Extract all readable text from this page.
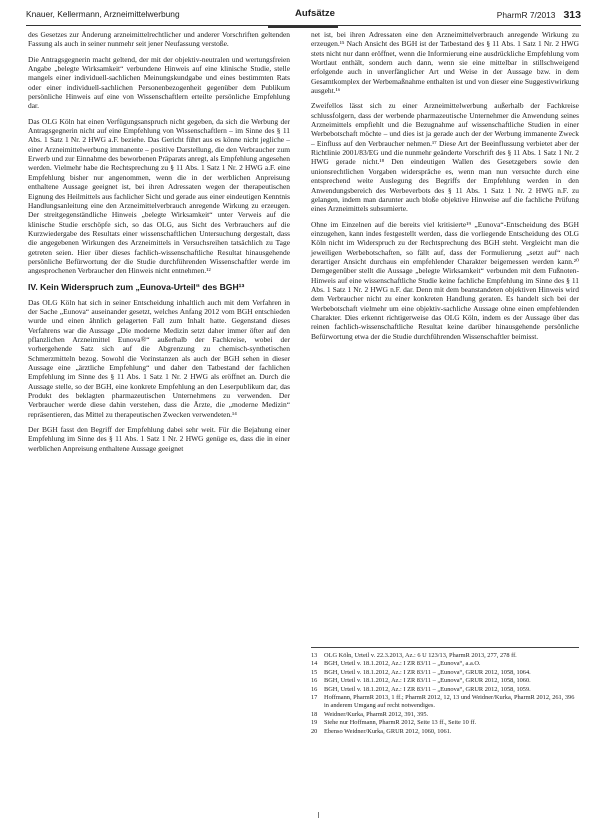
Knauer, Kellermann, Arzneimittelwerbung	Aufsätze	PharmR 7/2013 313

des Gesetzes zur Änderung arzneimittelrechtlicher und anderer Vorschriften geltenden Fassung als auch in seiner nunmehr seit jener Neufassung verstoße.

Die Antragsgegnerin macht geltend, der mit der objektiv-neutralen und wertungsfreien Angabe „belegte Wirksamkeit“ verbundene Hinweis auf eine klinische Studie, stelle mangels einer individuell-sachlichen Meinungskundgabe und eines bestimmten Rats oder einer individuell-sachlichen Personenbezogenheit gegenüber dem Publikum persönliche Hinweis auf eine von Wissenschaftlern erteilte persönliche Empfehlung dar.

Das OLG Köln hat einen Verfügungsanspruch nicht gegeben, da sich die Werbung der Antragsgegnerin nicht auf eine Empfehlung von Wissenschaftlern – im Sinne des § 11 Abs. 1 Satz 1 Nr. 2 HWG a.F. beziehe. Das Gericht führt aus es könne nicht jegliche – einer Arzneimittelwerbung immanente – positive Darstellung, die den Verbraucher zum Erwerb und zur Einnahme des beworbenen Präparats anregt, als Empfehlung angesehen werden. Vielmehr habe die Rechtsprechung zu § 11 Abs. 1 Satz 1 Nr. 2 HWG a.F. eine Empfehlung bisher nur angenommen, wenn die in der werblichen Anpreisung enthaltene Aussage geeignet ist, bei ihren Adressaten wegen der therapeutischen Eignung des Heilmittels aus fachlicher Sicht und gerade aus einer eindeutigen Kenntnis Handlungsanleitung eine den Arzneimittelverbrauch anregende Wirkung zu erzeugen. Der streitgegenständliche Hinweis „belegte Wirksamkeit“ unter Verweis auf die klinische Studie erschöpfe sich, so das OLG, aus Sicht des Verbrauchers auf die Kurzwiedergabe des Resultats einer wissenschaftlichen Untersuchung dergestalt, dass die angegebenen Wirkungen des Arzneimittels in Versuchsreihen tatsächlich zu Tage getreten seien. Hier über dieses fachlich-wissenschaftliche Resultat hinausgehende persönliche Befürwortung der die Studie durchführenden Wissenschaftler werde im angesprochenen Verbraucher den Hinweis nicht entnehmen.¹²

IV. Kein Widerspruch zum „Eunova-Urteil“ des BGH¹³

Das OLG Köln hat sich in seiner Entscheidung inhaltlich auch mit dem Verfahren in der Sache „Eunova“ auseinander gesetzt, welches Anfang 2012 vom BGH entschieden wurde und einen ähnlich gelagerten Fall zum Inhalt hatte. Gegenstand dieses Verfahrens war die Aussage „Die moderne Medizin setzt daher immer öfter auf den pflanzlichen Arzneimittel Eunova®“ außerhalb der Fachkreise, wobei der vorhergehende Satz sich auf die Abgrenzung zu chemisch-synthetischen Schmerzmitteln bezog. Sowohl die Vorinstanzen als auch der BGH sehen in dieser Aussage eine „ärztliche Empfehlung“ und daher den Tatbestand der fachlichen Empfehlung im Sinne des § 11 Abs. 1 Satz 1 Nr. 2 HWG als eröffnet an. Durch die Aussage stelle, so der BGH, eine konkrete Empfehlung an den Leserpublikum dar, das Produkt des beklagten pharmazeutischen Unternehmens zu verwenden. Der Verbraucher werde diese dahin verstehen, dass die Ärzte, die „moderne Medizin“ repräsentieren, das Mittel zu therapeutischen Zwecken verwendeten.¹⁴

Der BGH fasst den Begriff der Empfehlung dabei sehr weit. Für die Bejahung einer Empfehlung im Sinne des § 11 Abs. 1 Satz 1 Nr. 2 HWG genüge es, dass die in einer werblichen Anpreisung enthaltene Aussage geeignet

net ist, bei ihren Adressaten eine den Arzneimittelverbrauch anregende Wirkung zu erzeugen.¹⁵ Nach Ansicht des BGH ist der Tatbestand des § 11 Abs. 1 Satz 1 Nr. 2 HWG stets nicht nur dann eröffnet, wenn die Informierung eine ausdrückliche Empfehlung vom Wortlaut enthält, sondern auch dann, wenn sie eine mittelbar in stillschweigend erfolgende auch in unverfänglicher Art und Weise in der Aussage bzw. in dem Gesamtkomplex der Werbemaßnahme enthalten ist und von dieser eine Suggestivwirkung ausgeht.¹⁶

Zweifellos lässt sich zu einer Arzneimittelwerbung außerhalb der Fachkreise schlussfolgern, dass der werbende pharmazeutische Unternehmer die Anwendung seines Arzneimittels empfiehlt und die Bezugnahme auf wissenschaftliche Studien in einer Werbebotschaft möchte – und dies ist ja gerade auch der der Werbung immanente Zweck – Einfluss auf den Verbraucher nehmen.¹⁷ Diese Art der Beeinflussung verbietet aber der Richtlinie 2001/83/EG und die nunmehr geänderte Vorschrift des § 11 Abs. 1 Satz 1 Nr. 2 HWG gerade nicht.¹⁸ Den eindeutigen Wallen des Gesetzgebers sowie den unionsrechtlichen Vorgaben widerspräche es, wenn man nun versuchte durch eine entsprechend weite Auslegung des Begriffs der Empfehlung werden in den Anwendungsbereich des Werbeverbots des § 11 Abs. 1 Satz 1 Nr. 2 HWG n.F. zu gelangen, indem man darunter auch bloße objektive Hinweise auf die fachliche Prüfung eines Arzneimittels subsumierte.

Ohne im Einzelnen auf die bereits viel kritisierte¹⁹ „Eunova“-Entscheidung des BGH einzugehen, kann indes festgestellt werden, dass die vorliegende Entscheidung des OLG Köln nicht im Widerspruch zu der Rechtsprechung des BGH steht. Vergleicht man die jeweiligen Werbebotschaften, so fällt auf, dass der Formulierung „setzt auf“ nach derartiger Ansicht durchaus ein empfehlender Charakter beigemessen werden kann.²⁰ Demgegenüber stellt die Aussage „belegte Wirksamkeit“ verbunden mit dem Fußnoten-Hinweis auf eine wissenschaftliche Studie keine fachliche Empfehlung im Sinne des § 11 Abs. 1 Satz 1 Nr. 2 HWG n.F. dar. Denn mit dem beanstandeten objektiven Hinweis wird dem Verbraucher nicht zu einer konkreten Handlung geraten. Es handelt sich bei der Werbebotschaft vielmehr um eine objektiv-sachliche Aussage ohne einen empfehlenden Charakter. Dies erkennt richtigerweise das OLG Köln, indem es der Aussage über das reinen fachlich-wissenschaftliche Resultat keine darüber hinausgehende persönliche Befürwortung etwa der die Studie durchführenden Wissenschaftler beimisst.

13	OLG Köln, Urteil v. 22.3.2013, Az.: 6 U 123/13, PharmR 2013, 277, 278 ff.
14	BGH, Urteil v. 18.1.2012, Az.: I ZR 83/11 – „Eunova“, a.a.O.
15	BGH, Urteil v. 18.1.2012, Az.: I ZR 83/11 – „Eunova“, GRUR 2012, 1058, 1064.
16	BGH, Urteil v. 18.1.2012, Az.: I ZR 83/11 – „Eunova“, GRUR 2012, 1058, 1060.
16	BGH, Urteil v. 18.1.2012, Az.: I ZR 83/11 – „Eunova“, GRUR 2012, 1058, 1059.
17	Hoffmann, PharmR 2013, 1 ff.; PharmR 2012, 12, 13 und Weidner/Kurka, PharmR 2012, 261, 396 in anderem Umgang auf recht notwendiges.
18	Weidner/Kurka, PharmR 2012, 391, 395.
19	Siehe nur Hoffmann, PharmR 2012, Seite 13 ff., Seite 10 ff.
20	Ebenso Weidner/Kurka, GRUR 2012, 1060, 1061.
